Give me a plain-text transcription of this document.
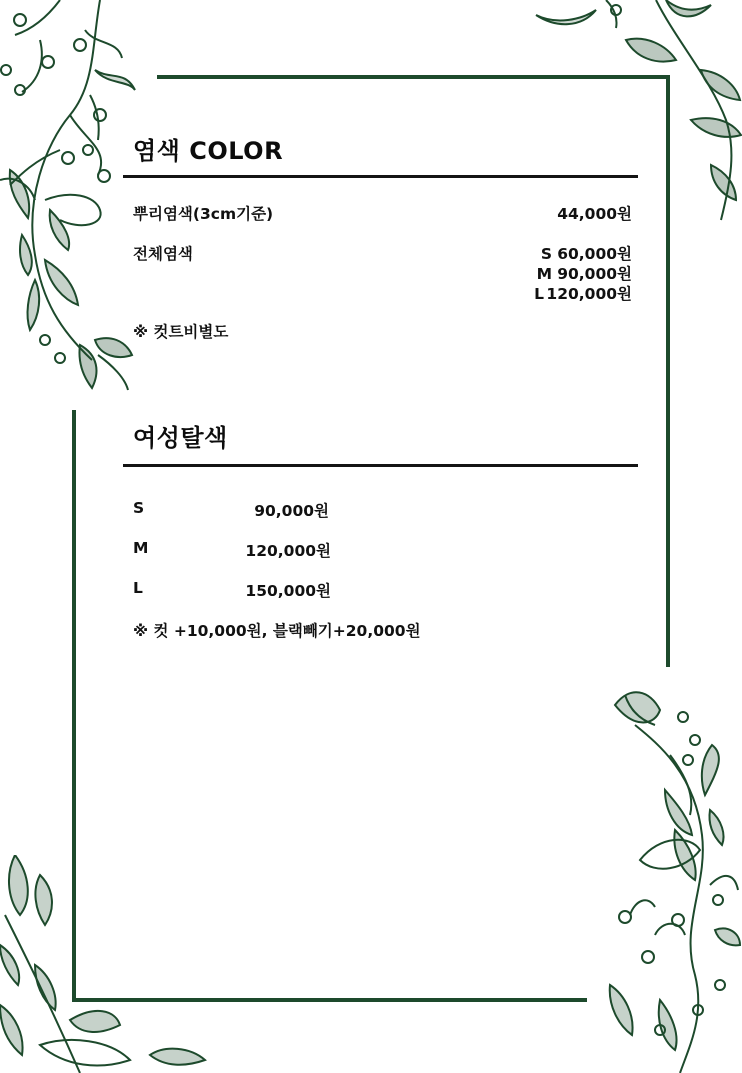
염색 COLOR
뿌리염색(3cm기준)	44,000원
전체염색	S 60,000원
M 90,000원
L 120,000원
※ 컷트비별도
여성탈색
S	90,000원
M	120,000원
L	150,000원
※ 컷 +10,000원, 블랙빼기+20,000원
